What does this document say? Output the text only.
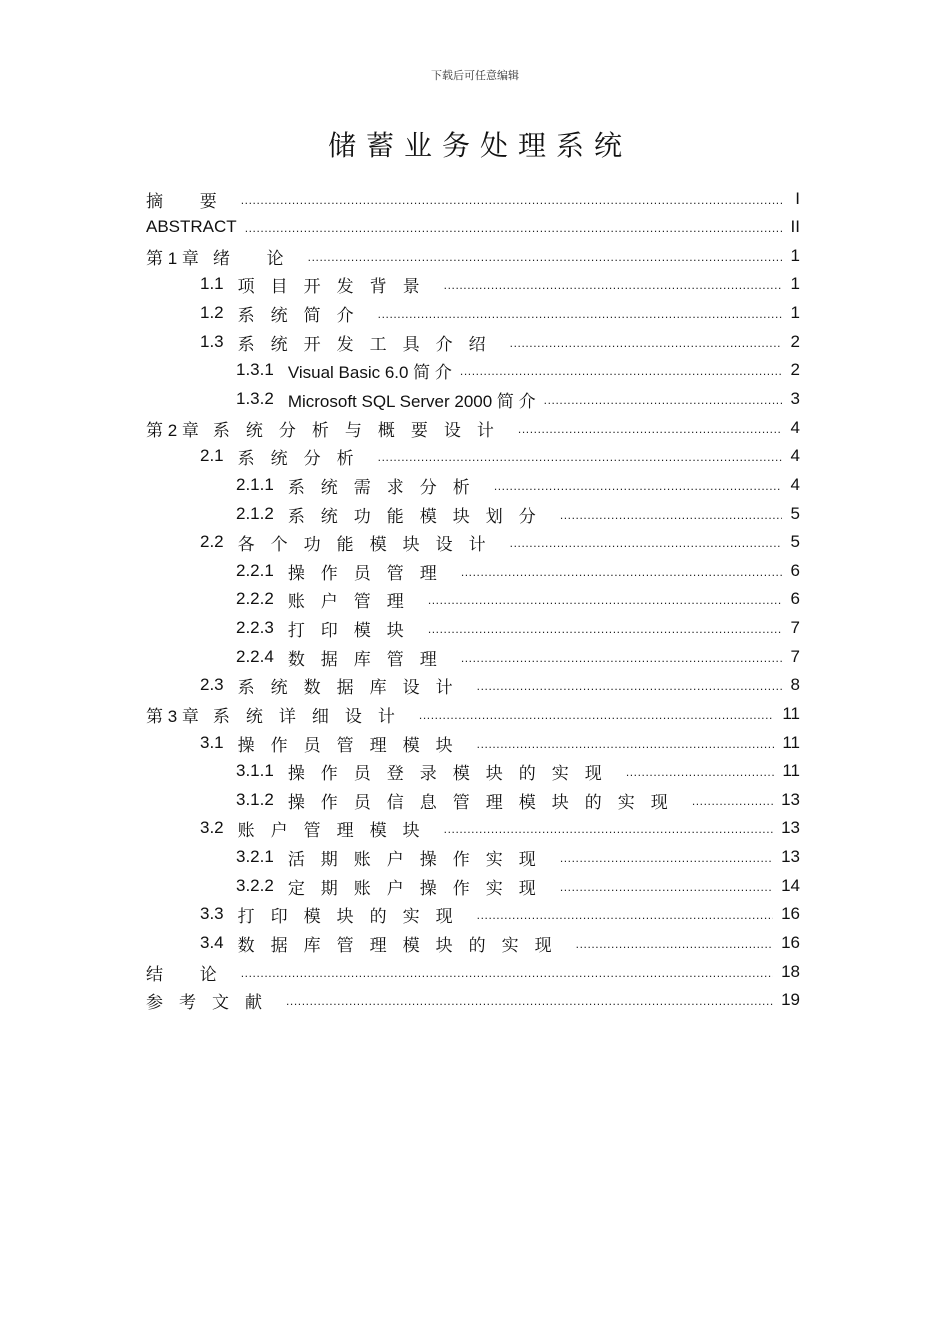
下载后可任意编辑
储蓄业务处理系统
摘 要 .....	I
ABSTRACT .....	II
第 1 章 绪 论 .....	1
1.1 项目开发背景 .....	1
1.2 系统简介 .....	1
1.3 系统开发工具介绍 .....	2
1.3.1 Visual Basic 6.0 简 介 .....	2
1.3.2 Microsoft SQL Server 2000 简 介 .....	3
第 2 章 系统分析与概要设计 .....	4
2.1 系统分析 .....	4
2.1.1 系统需求分析 .....	4
2.1.2 系统功能模块划分 .....	5
2.2 各个功能模块设计 .....	5
2.2.1 操作员管理 .....	6
2.2.2 账户管理 .....	6
2.2.3 打印模块 .....	7
2.2.4 数据库管理 .....	7
2.3 系统数据库设计 .....	8
第 3 章 系统详细设计 .....	11
3.1 操作员管理模块 .....	11
3.1.1 操作员登录模块的实现 .....	11
3.1.2 操作员信息管理模块的实现 .....	13
3.2 账户管理模块 .....	13
3.2.1 活期账户操作实现 .....	13
3.2.2 定期账户操作实现 .....	14
3.3 打印模块的实现 .....	16
3.4 数据库管理模块的实现 .....	16
结 论 .....	18
参考文献 .....	19
